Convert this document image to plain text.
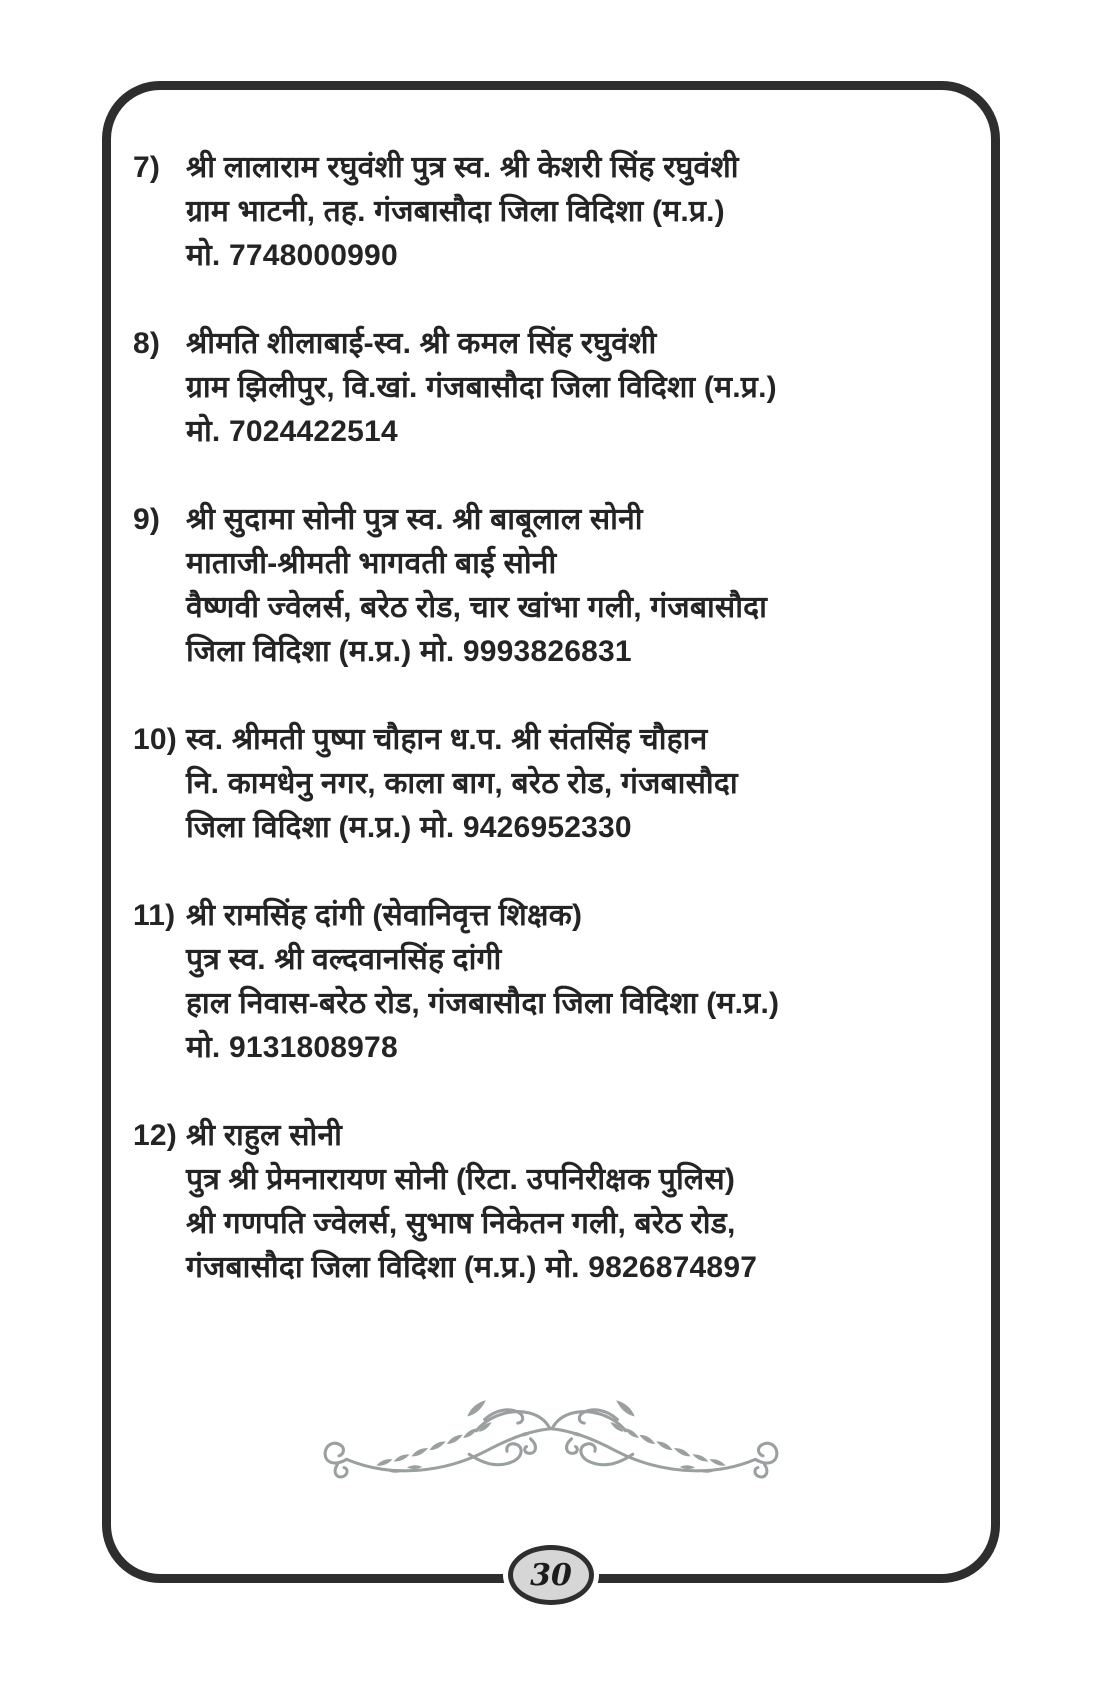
7) श्री लालाराम रघुवंशी पुत्र स्व. श्री केशरी सिंह रघुवंशी
ग्राम भाटनी, तह. गंजबासौदा जिला विदिशा (म.प्र.)
मो. 7748000990
8) श्रीमति शीलाबाई-स्व. श्री कमल सिंह रघुवंशी
ग्राम झिलीपुर, वि.खां. गंजबासौदा जिला विदिशा (म.प्र.)
मो. 7024422514
9) श्री सुदामा सोनी पुत्र स्व. श्री बाबूलाल सोनी
माताजी-श्रीमती भागवती बाई सोनी
वैष्णवी ज्वेलर्स, बरेठ रोड, चार खांभा गली, गंजबासौदा
जिला विदिशा (म.प्र.) मो. 9993826831
10) स्व. श्रीमती पुष्पा चौहान ध.प. श्री संतसिंह चौहान
नि. कामधेनु नगर, काला बाग, बरेठ रोड, गंजबासौदा
जिला विदिशा (म.प्र.) मो. 9426952330
11) श्री रामसिंह दांगी (सेवानिवृत्त शिक्षक)
पुत्र स्व. श्री वल्दवानसिंह दांगी
हाल निवास-बरेठ रोड, गंजबासौदा जिला विदिशा (म.प्र.)
मो. 9131808978
12) श्री राहुल सोनी
पुत्र श्री प्रेमनारायण सोनी (रिटा. उपनिरीक्षक पुलिस)
श्री गणपति ज्वेलर्स, सुभाष निकेतन गली, बरेठ रोड,
गंजबासौदा जिला विदिशा (म.प्र.) मो. 9826874897
30
